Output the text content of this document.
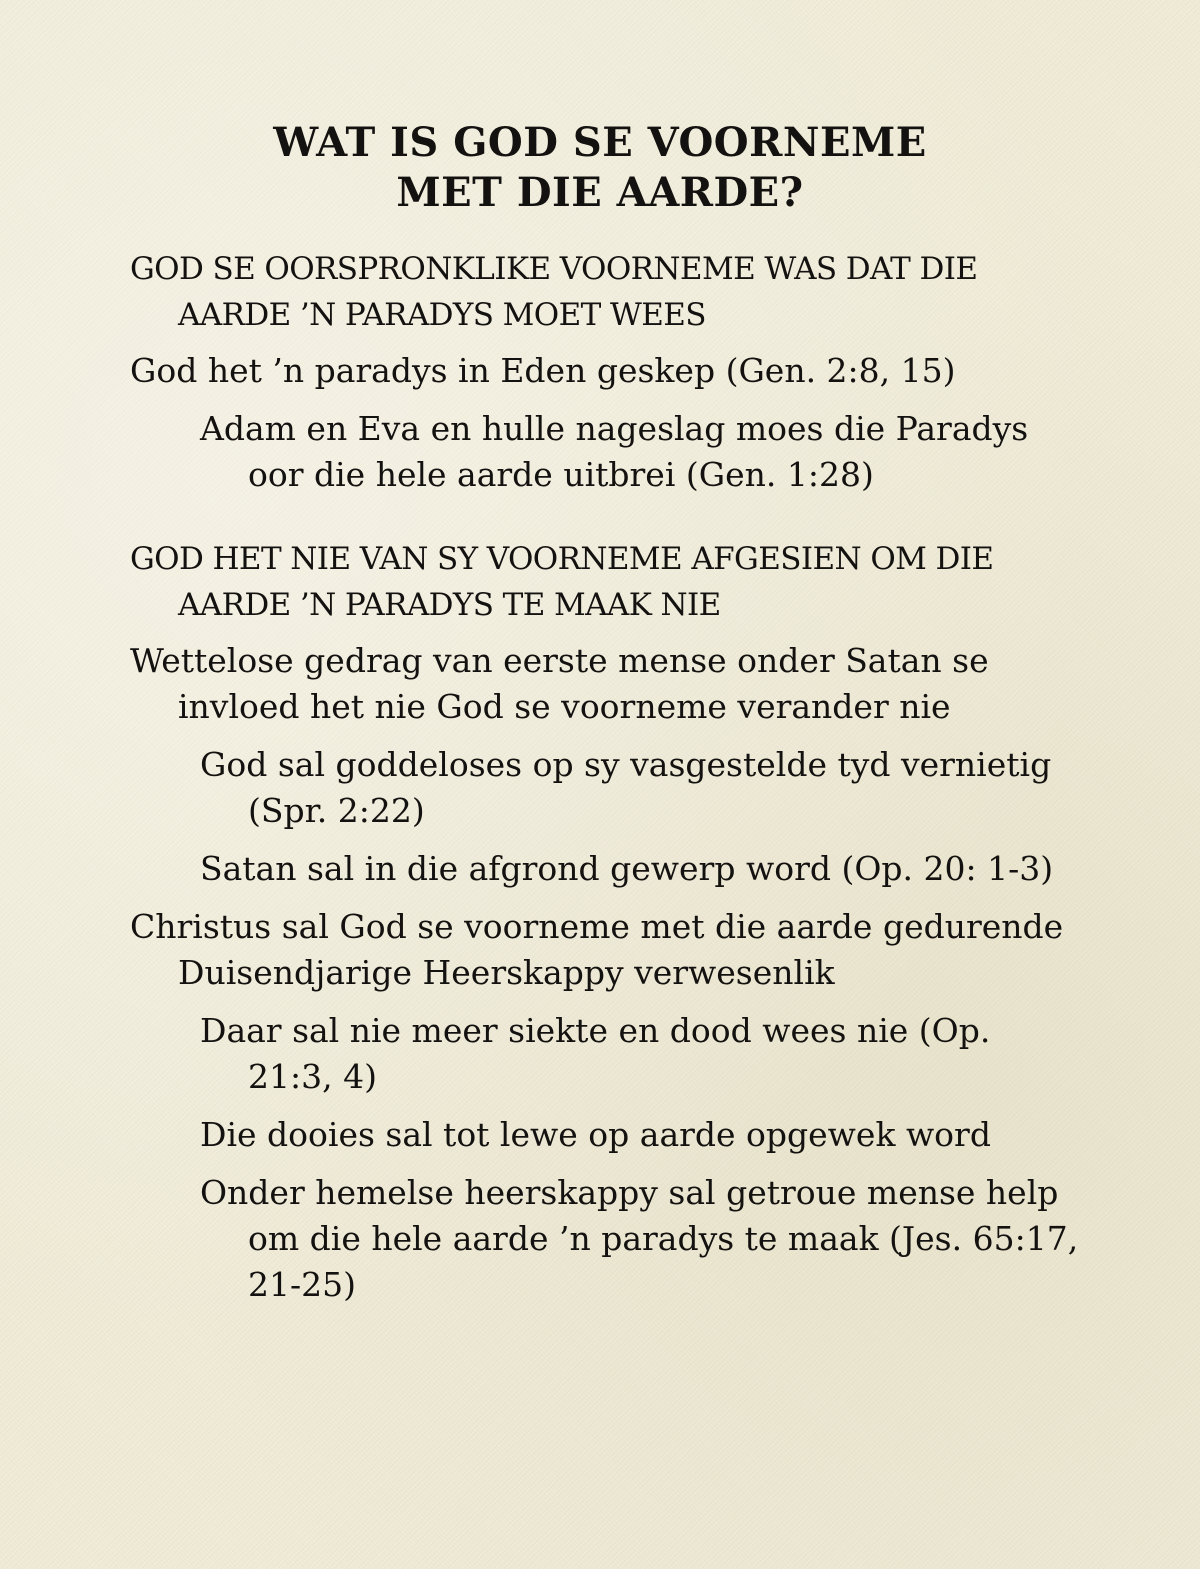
WAT IS GOD SE VOORNEME
MET DIE AARDE?

GOD SE OORSPRONKLIKE VOORNEME WAS DAT DIE AARDE ’N PARADYS MOET WEES

God het ’n paradys in Eden geskep (Gen. 2:8, 15)

Adam en Eva en hulle nageslag moes die Paradys oor die hele aarde uitbrei (Gen. 1:28)

GOD HET NIE VAN SY VOORNEME AFGESIEN OM DIE AARDE ’N PARADYS TE MAAK NIE

Wettelose gedrag van eerste mense onder Satan se invloed het nie God se voorneme verander nie

God sal goddeloses op sy vasgestelde tyd vernietig (Spr. 2:22)

Satan sal in die afgrond gewerp word (Op. 20: 1-3)

Christus sal God se voorneme met die aarde gedurende Duisendjarige Heerskappy verwesenlik

Daar sal nie meer siekte en dood wees nie (Op. 21:3, 4)

Die dooies sal tot lewe op aarde opgewek word

Onder hemelse heerskappy sal getroue mense help om die hele aarde ’n paradys te maak (Jes. 65:17, 21-25)
